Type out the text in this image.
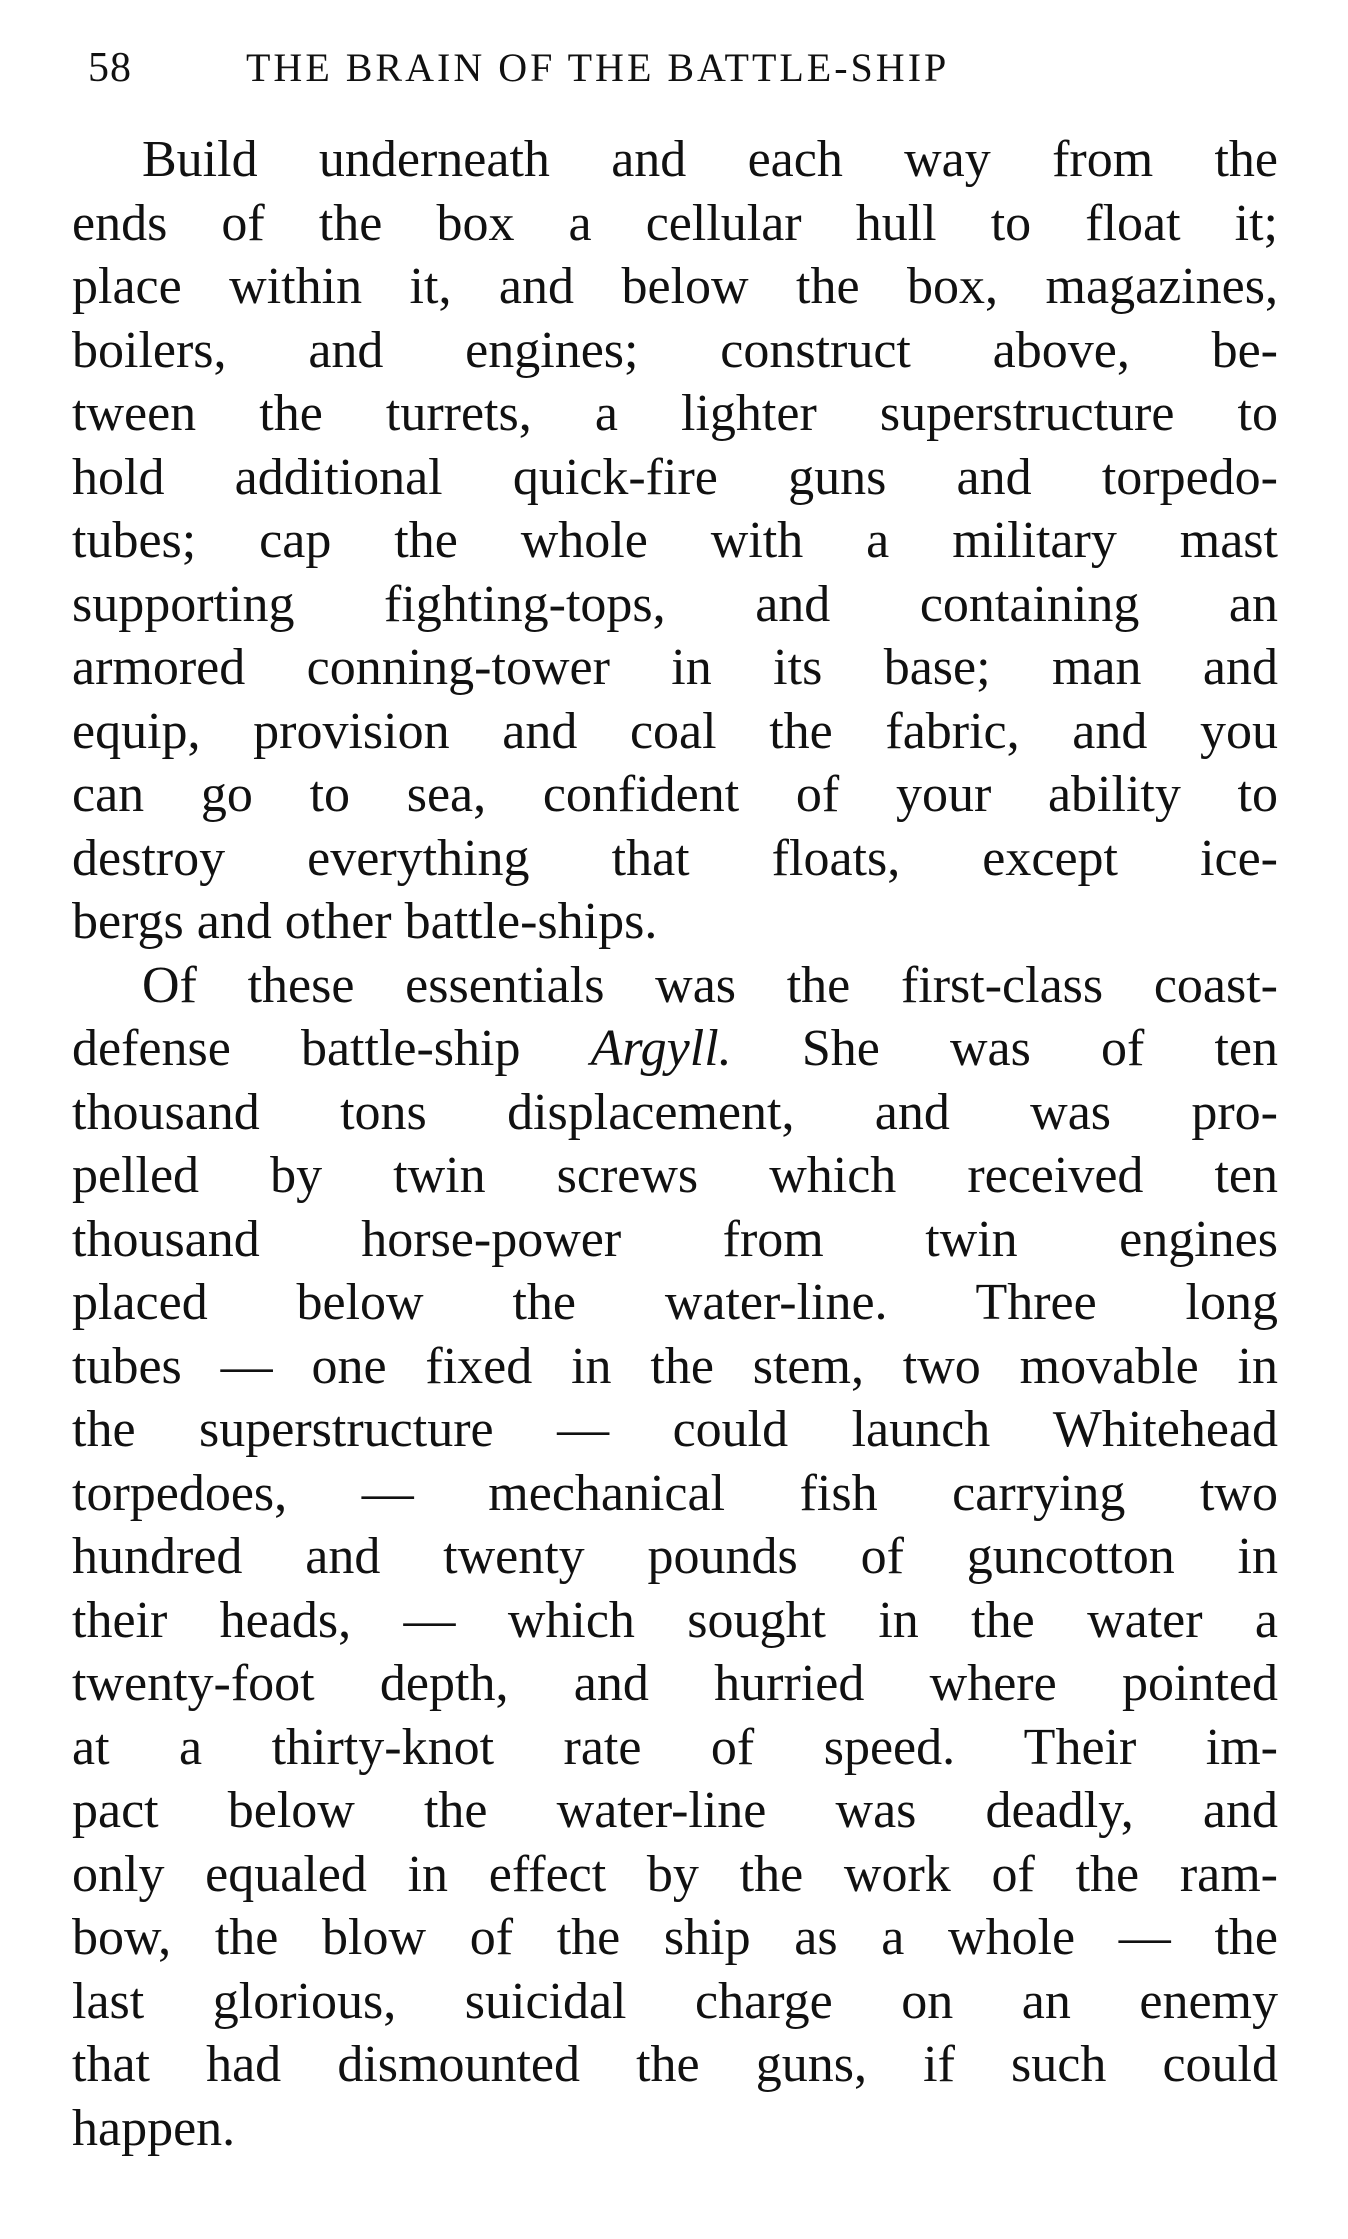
58	THE BRAIN OF THE BATTLE-SHIP
Build underneath and each way from the
ends of the box a cellular hull to float it;
place within it, and below the box, magazines,
boilers, and engines; construct above, be-
tween the turrets, a lighter superstructure to
hold additional quick-fire guns and torpedo-
tubes; cap the whole with a military mast
supporting fighting-tops, and containing an
armored conning-tower in its base; man and
equip, provision and coal the fabric, and you
can go to sea, confident of your ability to
destroy everything that floats, except ice-
bergs and other battle-ships.
Of these essentials was the first-class coast-
defense battle-ship Argyll. She was of ten
thousand tons displacement, and was pro-
pelled by twin screws which received ten
thousand horse-power from twin engines
placed below the water-line. Three long
tubes — one fixed in the stem, two movable in
the superstructure — could launch Whitehead
torpedoes, — mechanical fish carrying two
hundred and twenty pounds of guncotton in
their heads, — which sought in the water a
twenty-foot depth, and hurried where pointed
at a thirty-knot rate of speed. Their im-
pact below the water-line was deadly, and
only equaled in effect by the work of the ram-
bow, the blow of the ship as a whole — the
last glorious, suicidal charge on an enemy
that had dismounted the guns, if such could
happen.
